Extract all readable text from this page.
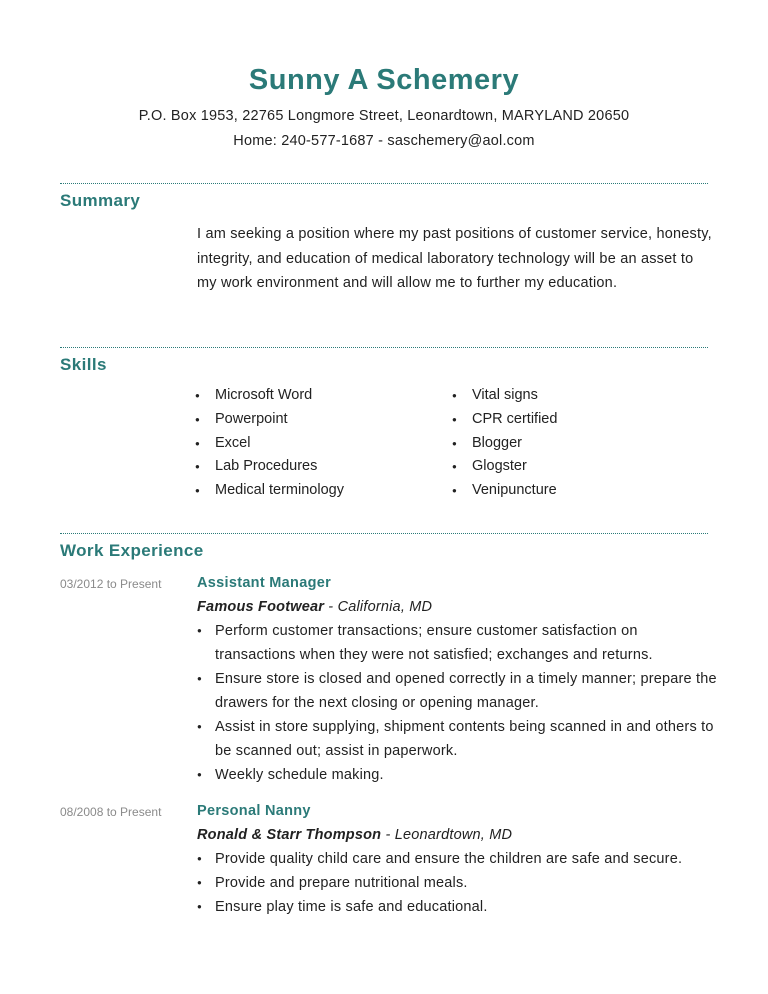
Sunny A Schemery
P.O. Box 1953, 22765 Longmore Street, Leonardtown, MARYLAND 20650
Home: 240-577-1687 - saschemery@aol.com
Summary

I am seeking a position where my past positions of customer service, honesty, integrity, and education of medical laboratory technology will be an asset to my work environment and will allow me to further my education.

Skills
● Microsoft Word
● Powerpoint
● Excel
● Lab Procedures
● Medical terminology
● Vital signs
● CPR certified
● Blogger
● Glogster
● Venipuncture
Work Experience
03/2012 to Present Assistant Manager
Famous Footwear - California, MD
● Perform customer transactions; ensure customer satisfaction on transactions when they were not satisfied; exchanges and returns.
● Ensure store is closed and opened correctly in a timely manner; prepare the drawers for the next closing or opening manager.
● Assist in store supplying, shipment contents being scanned in and others to be scanned out; assist in paperwork.
● Weekly schedule making.
08/2008 to Present Personal Nanny
Ronald & Starr Thompson - Leonardtown, MD
● Provide quality child care and ensure the children are safe and secure.
● Provide and prepare nutritional meals.
● Ensure play time is safe and educational.
